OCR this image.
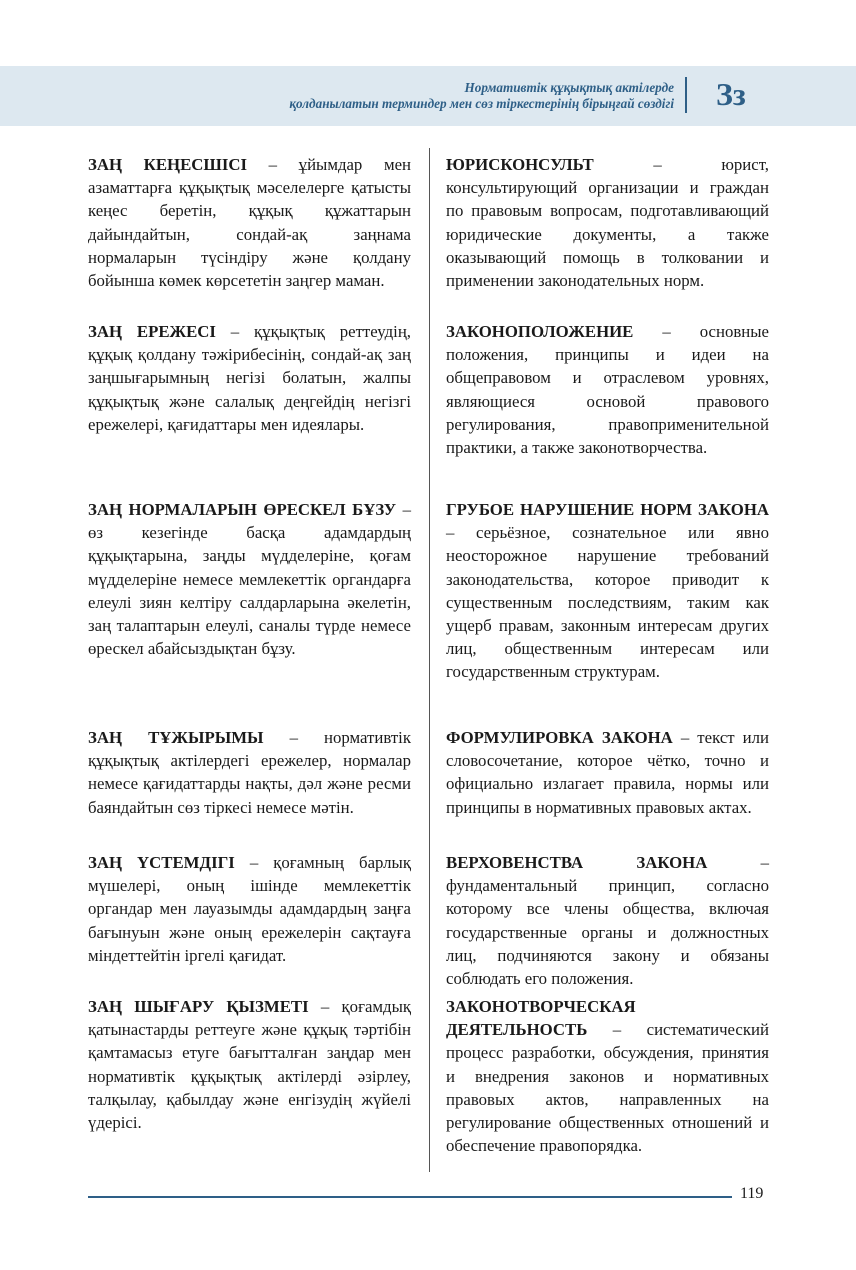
Нормативтік құқықтық актілерде
қолданылатын терминдер мен сөз тіркестерінің бірыңғай сөздігі Зз

ЗАҢ КЕҢЕСШІСІ – ұйымдар мен азаматтарға құқықтық мәселелерге қатысты кеңес беретін, құқық құжаттарын дайындайтын, сондай-ақ заңнама нормаларын түсіндіру және қолдану бойынша көмек көрсететін заңгер маман.

ЗАҢ ЕРЕЖЕСІ – құқықтық реттеудің, құқық қолдану тәжірибесінің, сондай-ақ заң заңшығарымның негізі болатын, жалпы құқықтық және салалық деңгейдің негізгі ережелері, қағидаттары мен идеялары.

ЗАҢ НОРМАЛАРЫН ӨРЕСКЕЛ БҰЗУ – өз кезегінде басқа адамдардың құқықтарына, заңды мүдделеріне, қоғам мүдделеріне немесе мемлекеттік органдарға елеулі зиян келтіру салдарларына әкелетін, заң талаптарын елеулі, саналы түрде немесе өрескел абайсыздықтан бұзу.

ЗАҢ ТҰЖЫРЫМЫ – нормативтік құқықтық актілердегі ережелер, нормалар немесе қағидаттарды нақты, дәл және ресми баяндайтын сөз тіркесі немесе мәтін.

ЗАҢ ҮСТЕМДІГІ – қоғамның барлық мүшелері, оның ішінде мемлекеттік органдар мен лауазымды адамдардың заңға бағынуын және оның ережелерін сақтауға міндеттейтін іргелі қағидат.

ЗАҢ ШЫҒАРУ ҚЫЗМЕТІ – қоғамдық қатынастарды реттеуге және құқық тәртібін қамтамасыз етуге бағытталған заңдар мен нормативтік құқықтық актілерді әзірлеу, талқылау, қабылдау және енгізудің жүйелі үдерісі.

ЮРИСКОНСУЛЬТ – юрист, консультирующий организации и граждан по правовым вопросам, подготавливающий юридические документы, а также оказывающий помощь в толковании и применении законодательных норм.

ЗАКОНОПОЛОЖЕНИЕ – основные положения, принципы и идеи на общеправовом и отраслевом уровнях, являющиеся основой правового регулирования, правоприменительной практики, а также законотворчества.

ГРУБОЕ НАРУШЕНИЕ НОРМ ЗАКОНА – серьёзное, сознательное или явно неосторожное нарушение требований законодательства, которое приводит к существенным последствиям, таким как ущерб правам, законным интересам других лиц, общественным интересам или государственным структурам.

ФОРМУЛИРОВКА ЗАКОНА – текст или словосочетание, которое чётко, точно и официально излагает правила, нормы или принципы в нормативных правовых актах.

ВЕРХОВЕНСТВА ЗАКОНА – фундаментальный принцип, согласно которому все члены общества, включая государственные органы и должностных лиц, подчиняются закону и обязаны соблюдать его положения.

ЗАКОНОТВОРЧЕСКАЯ ДЕЯТЕЛЬНОСТЬ – систематический процесс разработки, обсуждения, принятия и внедрения законов и нормативных правовых актов, направленных на регулирование общественных отношений и обеспечение правопорядка.

119
